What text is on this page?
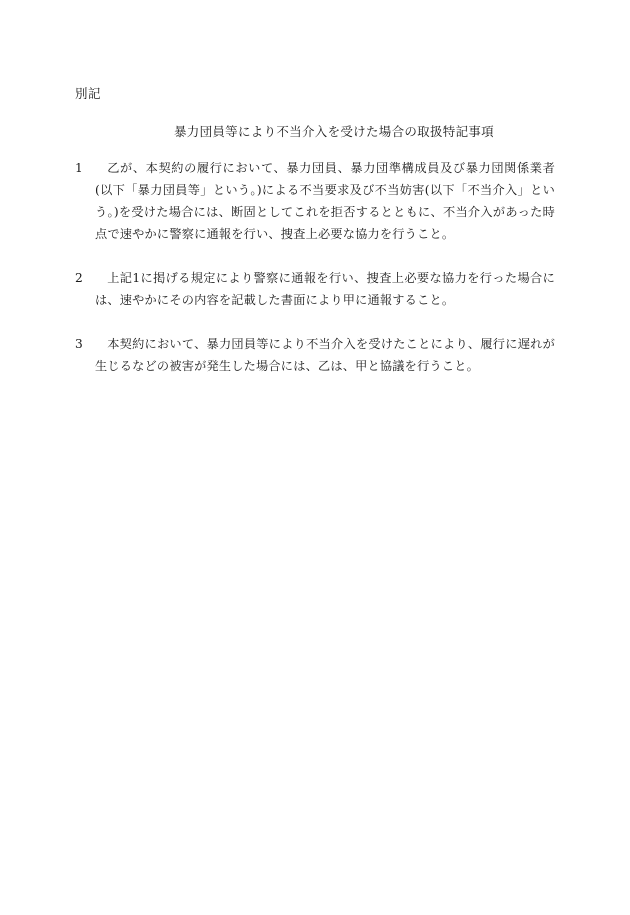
別記
暴力団員等により不当介入を受けた場合の取扱特記事項
1	乙が、本契約の履行において、暴力団員、暴力団準構成員及び暴力団関係業者(以下「暴力団員等」という。)による不当要求及び不当妨害(以下「不当介入」という。)を受けた場合には、断固としてこれを拒否するとともに、不当介入があった時点で速やかに警察に通報を行い、捜査上必要な協力を行うこと。
2	上記1に掲げる規定により警察に通報を行い、捜査上必要な協力を行った場合には、速やかにその内容を記載した書面により甲に通報すること。
3	本契約において、暴力団員等により不当介入を受けたことにより、履行に遅れが生じるなどの被害が発生した場合には、乙は、甲と協議を行うこと。
